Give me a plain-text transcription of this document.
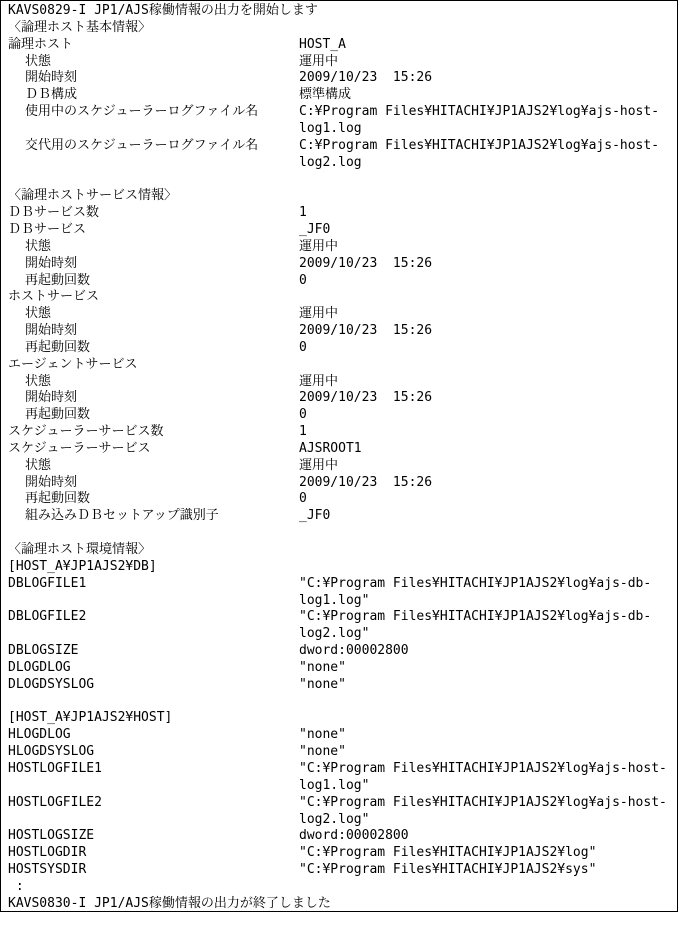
KAVS0829-I JP1/AJS稼働情報の出力を開始します
〈論理ホスト基本情報〉
論理ホスト	HOST_A
状態	運用中
開始時刻	2009/10/23  15:26
ＤＢ構成	標準構成
使用中のスケジューラーログファイル名	C:¥Program Files¥HITACHI¥JP1AJS2¥log¥ajs-host-
log1.log
交代用のスケジューラーログファイル名	C:¥Program Files¥HITACHI¥JP1AJS2¥log¥ajs-host-
log2.log
〈論理ホストサービス情報〉
ＤＢサービス数	1
ＤＢサービス	_JF0
状態	運用中
開始時刻	2009/10/23  15:26
再起動回数	0
ホストサービス
状態	運用中
開始時刻	2009/10/23  15:26
再起動回数	0
エージェントサービス
状態	運用中
開始時刻	2009/10/23  15:26
再起動回数	0
スケジューラーサービス数	1
スケジューラーサービス	AJSROOT1
状態	運用中
開始時刻	2009/10/23  15:26
再起動回数	0
組み込みＤＢセットアップ識別子	_JF0
〈論理ホスト環境情報〉
[HOST_A¥JP1AJS2¥DB]
DBLOGFILE1	"C:¥Program Files¥HITACHI¥JP1AJS2¥log¥ajs-db-
log1.log"
DBLOGFILE2	"C:¥Program Files¥HITACHI¥JP1AJS2¥log¥ajs-db-
log2.log"
DBLOGSIZE	dword:00002800
DLOGDLOG	"none"
DLOGDSYSLOG	"none"
[HOST_A¥JP1AJS2¥HOST]
HLOGDLOG	"none"
HLOGDSYSLOG	"none"
HOSTLOGFILE1	"C:¥Program Files¥HITACHI¥JP1AJS2¥log¥ajs-host-
log1.log"
HOSTLOGFILE2	"C:¥Program Files¥HITACHI¥JP1AJS2¥log¥ajs-host-
log2.log"
HOSTLOGSIZE	dword:00002800
HOSTLOGDIR	"C:¥Program Files¥HITACHI¥JP1AJS2¥log"
HOSTSYSDIR	"C:¥Program Files¥HITACHI¥JP1AJS2¥sys"
:
KAVS0830-I JP1/AJS稼働情報の出力が終了しました
